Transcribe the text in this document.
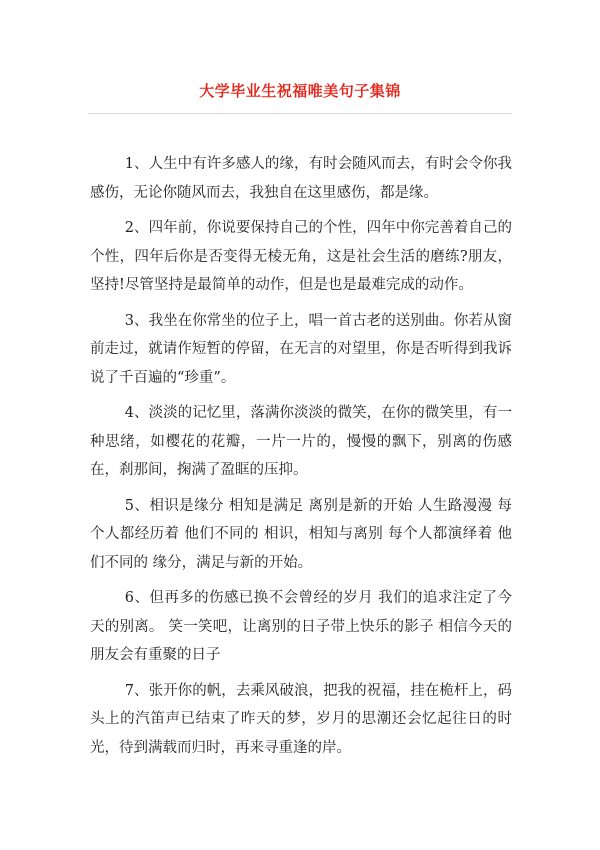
大学毕业生祝福唯美句子集锦

1、人生中有许多感人的缘，有时会随风而去，有时会令你我感伤，无论你随风而去，我独自在这里感伤，都是缘。

2、四年前，你说要保持自己的个性，四年中你完善着自己的个性，四年后你是否变得无棱无角，这是社会生活的磨练?朋友，坚持!尽管坚持是最简单的动作，但是也是最难完成的动作。

3、我坐在你常坐的位子上，唱一首古老的送别曲。你若从窗前走过，就请作短暂的停留，在无言的对望里，你是否听得到我诉说了千百遍的“珍重”。

4、淡淡的记忆里，落满你淡淡的微笑，在你的微笑里，有一种思绪，如樱花的花瓣，一片一片的，慢慢的飘下，别离的伤感在，刹那间，掬满了盈眶的压抑。

5、相识是缘分 相知是满足 离别是新的开始 人生路漫漫 每个人都经历着 他们不同的 相识，相知与离别 每个人都演绎着 他们不同的 缘分，满足与新的开始。

6、但再多的伤感已换不会曾经的岁月 我们的追求注定了今天的别离。 笑一笑吧，让离别的日子带上快乐的影子 相信今天的朋友会有重聚的日子

7、张开你的帆，去乘风破浪，把我的祝福，挂在桅杆上，码头上的汽笛声已结束了昨天的梦，岁月的思潮还会忆起往日的时光，待到满载而归时，再来寻重逢的岸。
